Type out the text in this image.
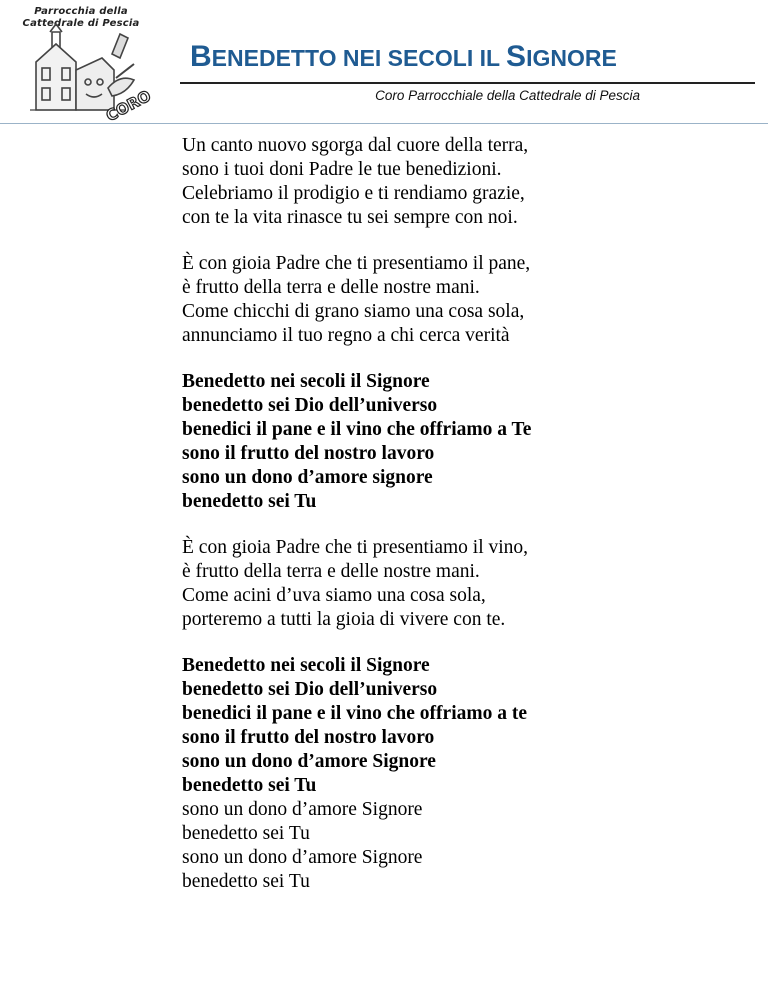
Parrocchia della
Cattedrale di Pescia
CORO
BENEDETTO NEI SECOLI IL SIGNORE
Coro Parrocchiale della Cattedrale di Pescia
Un canto nuovo sgorga dal cuore della terra,
sono i tuoi doni Padre le tue benedizioni.
Celebriamo il prodigio e ti rendiamo grazie,
con te la vita rinasce tu sei sempre con noi.
È con gioia Padre che ti presentiamo il pane,
è frutto della terra e delle nostre mani.
Come chicchi di grano siamo una cosa sola,
annunciamo il tuo regno a chi cerca verità
Benedetto nei secoli il Signore
benedetto sei Dio dell’universo
benedici il pane e il vino che offriamo a Te
sono il frutto del nostro lavoro
sono un dono d’amore signore
benedetto sei Tu
È con gioia Padre che ti presentiamo il vino,
è frutto della terra e delle nostre mani.
Come acini d’uva siamo una cosa sola,
porteremo a tutti la gioia di vivere con te.
Benedetto nei secoli il Signore
benedetto sei Dio dell’universo
benedici il pane e il vino che offriamo a te
sono il frutto del nostro lavoro
sono un dono d’amore Signore
benedetto sei Tu
sono un dono d’amore Signore
benedetto sei Tu
sono un dono d’amore Signore
benedetto sei Tu
